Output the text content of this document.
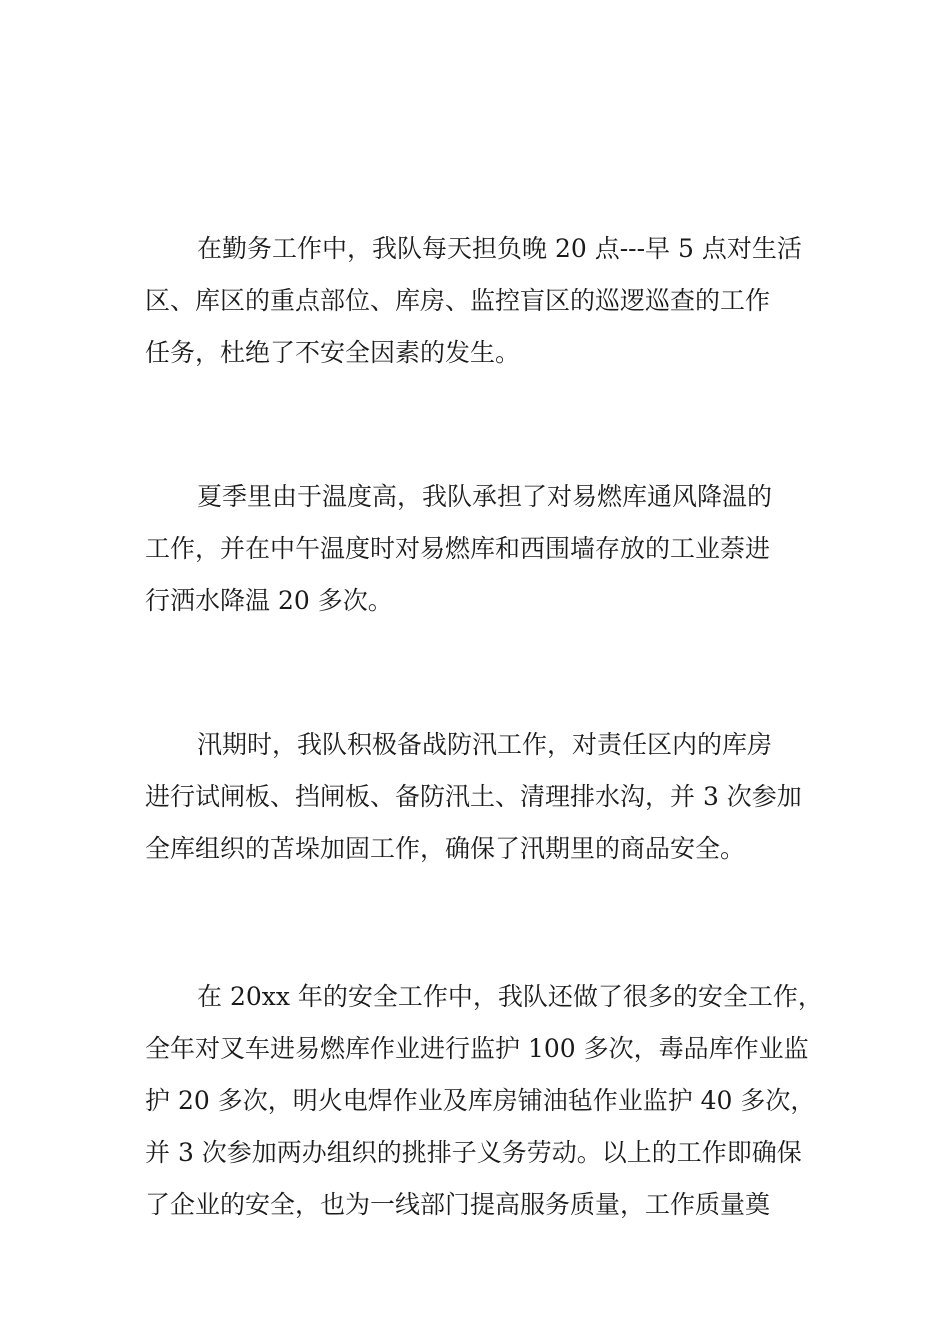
在勤务工作中，我队每天担负晚 20 点---早 5 点对生活
区、库区的重点部位、库房、监控盲区的巡逻巡查的工作
任务，杜绝了不安全因素的发生。

夏季里由于温度高，我队承担了对易燃库通风降温的
工作，并在中午温度时对易燃库和西围墙存放的工业萘进
行洒水降温 20 多次。

汛期时，我队积极备战防汛工作，对责任区内的库房
进行试闸板、挡闸板、备防汛土、清理排水沟，并 3 次参加
全库组织的苫垛加固工作，确保了汛期里的商品安全。

在 20xx 年的安全工作中，我队还做了很多的安全工作，
全年对叉车进易燃库作业进行监护 100 多次，毒品库作业监
护 20 多次，明火电焊作业及库房铺油毡作业监护 40 多次，
并 3 次参加两办组织的挑排子义务劳动。以上的工作即确保
了企业的安全，也为一线部门提高服务质量，工作质量奠
